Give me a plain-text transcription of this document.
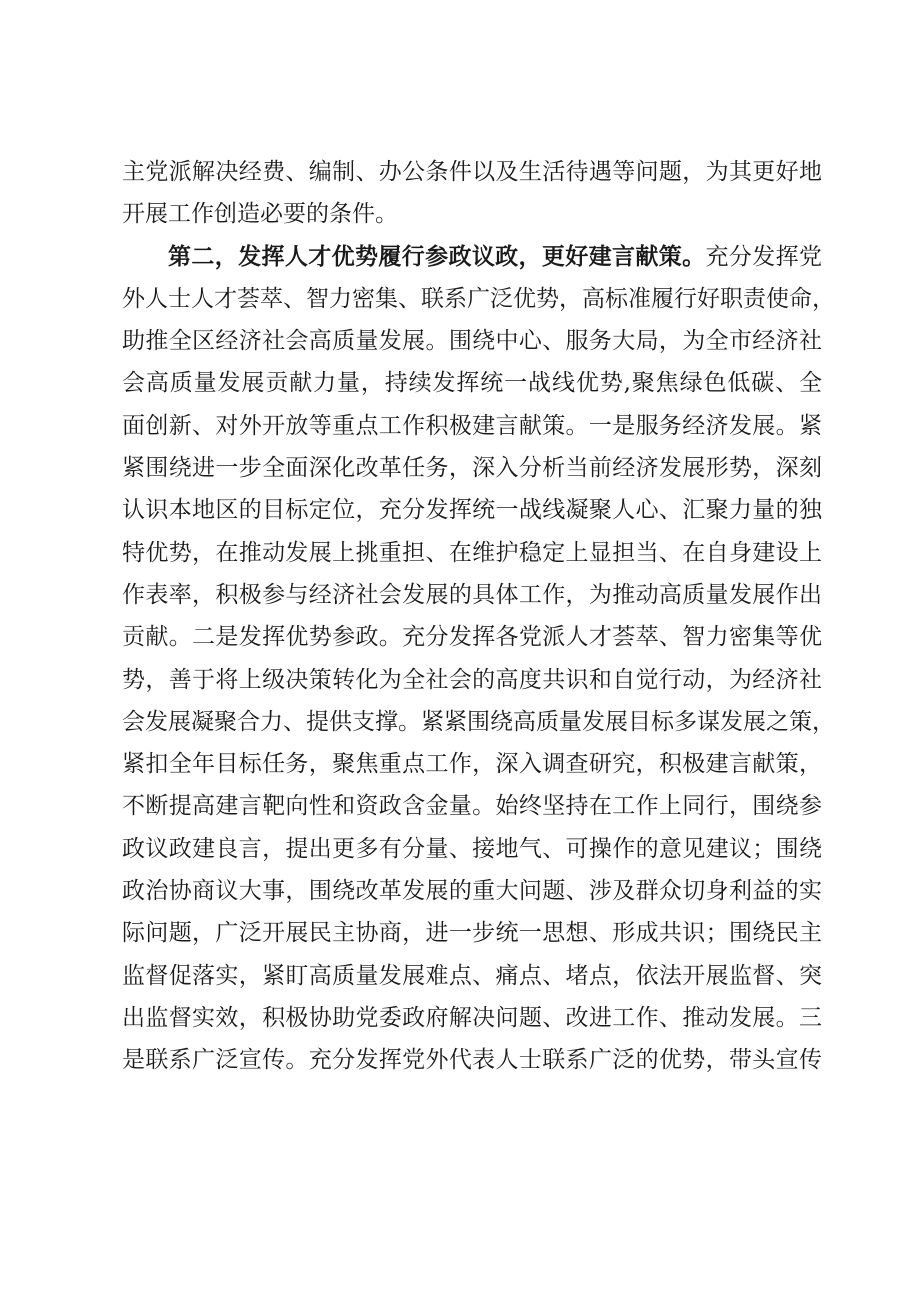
主党派解决经费、编制、办公条件以及生活待遇等问题，为其更好地
开展工作创造必要的条件。
第二，发挥人才优势履行参政议政，更好建言献策。充分发挥党
外人士人才荟萃、智力密集、联系广泛优势，高标准履行好职责使命，
助推全区经济社会高质量发展。围绕中心、服务大局，为全市经济社
会高质量发展贡献力量，持续发挥统一战线优势,聚焦绿色低碳、全
面创新、对外开放等重点工作积极建言献策。一是服务经济发展。紧
紧围绕进一步全面深化改革任务，深入分析当前经济发展形势，深刻
认识本地区的目标定位，充分发挥统一战线凝聚人心、汇聚力量的独
特优势，在推动发展上挑重担、在维护稳定上显担当、在自身建设上
作表率，积极参与经济社会发展的具体工作，为推动高质量发展作出
贡献。二是发挥优势参政。充分发挥各党派人才荟萃、智力密集等优
势，善于将上级决策转化为全社会的高度共识和自觉行动，为经济社
会发展凝聚合力、提供支撑。紧紧围绕高质量发展目标多谋发展之策，
紧扣全年目标任务，聚焦重点工作，深入调查研究，积极建言献策，
不断提高建言靶向性和资政含金量。始终坚持在工作上同行，围绕参
政议政建良言，提出更多有分量、接地气、可操作的意见建议；围绕
政治协商议大事，围绕改革发展的重大问题、涉及群众切身利益的实
际问题，广泛开展民主协商，进一步统一思想、形成共识；围绕民主
监督促落实，紧盯高质量发展难点、痛点、堵点，依法开展监督、突
出监督实效，积极协助党委政府解决问题、改进工作、推动发展。三
是联系广泛宣传。充分发挥党外代表人士联系广泛的优势，带头宣传
